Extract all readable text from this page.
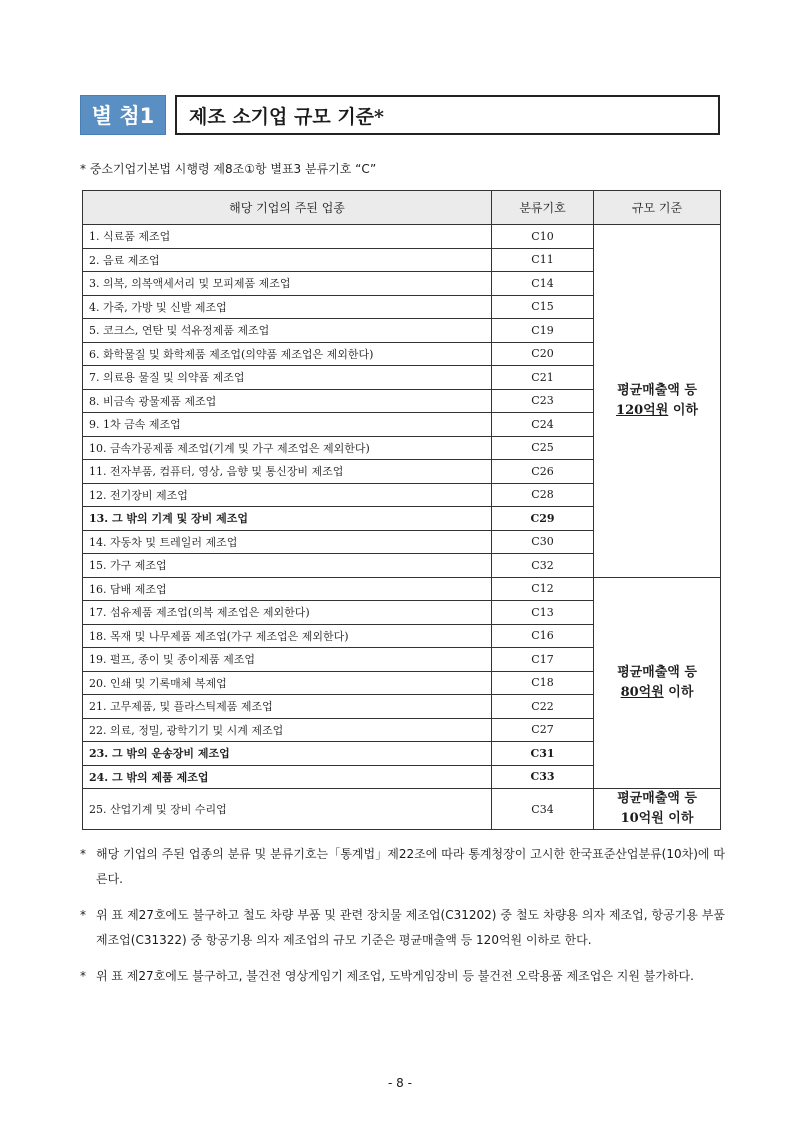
별 첨1	제조 소기업 규모 기준*
* 중소기업기본법 시행령 제8조①항 별표3 분류기호 “C”
해당 기업의 주된 업종	분류기호	규모 기준
1. 식료품 제조업	C10	평균매출액 등
120억원 이하
2. 음료 제조업	C11	
3. 의복, 의복액세서리 및 모피제품 제조업	C14	
4. 가죽, 가방 및 신발 제조업	C15	
5. 코크스, 연탄 및 석유정제품 제조업	C19	
6. 화학물질 및 화학제품 제조업(의약품 제조업은 제외한다)	C20	
7. 의료용 물질 및 의약품 제조업	C21	
8. 비금속 광물제품 제조업	C23	
9. 1차 금속 제조업	C24	
10. 금속가공제품 제조업(기계 및 가구 제조업은 제외한다)	C25	
11. 전자부품, 컴퓨터, 영상, 음향 및 통신장비 제조업	C26	
12. 전기장비 제조업	C28	
13. 그 밖의 기계 및 장비 제조업	C29	
14. 자동차 및 트레일러 제조업	C30	
15. 가구 제조업	C32	
16. 담배 제조업	C12	평균매출액 등
80억원 이하
17. 섬유제품 제조업(의복 제조업은 제외한다)	C13	
18. 목재 및 나무제품 제조업(가구 제조업은 제외한다)	C16	
19. 펄프, 종이 및 종이제품 제조업	C17	
20. 인쇄 및 기록매체 복제업	C18	
21. 고무제품, 및 플라스틱제품 제조업	C22	
22. 의료, 정밀, 광학기기 및 시계 제조업	C27	
23. 그 밖의 운송장비 제조업	C31	
24. 그 밖의 제품 제조업	C33	
25. 산업기계 및 장비 수리업	C34	평균매출액 등
10억원 이하
* 해당 기업의 주된 업종의 분류 및 분류기호는「통계법」제22조에 따라 통계청장이 고시한 한국표준산업분류(10차)에 따른다.
* 위 표 제27호에도 불구하고 철도 차량 부품 및 관련 장치물 제조업(C31202) 중 철도 차량용 의자 제조업, 항공기용 부품 제조업(C31322) 중 항공기용 의자 제조업의 규모 기준은 평균매출액 등 120억원 이하로 한다.
* 위 표 제27호에도 불구하고, 불건전 영상게임기 제조업, 도박게임장비 등 불건전 오락용품 제조업은 지원 불가하다.
- 8 -
